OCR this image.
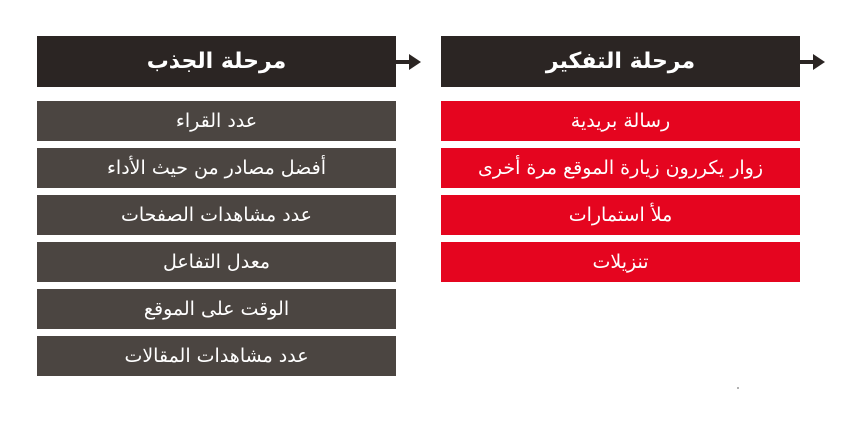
مرحلة الجذب
عدد القراء
أفضل مصادر من حيث الأداء
عدد مشاهدات الصفحات
معدل التفاعل
الوقت على الموقع
عدد مشاهدات المقالات
مرحلة التفكير
رسالة بريدية
زوار يكررون زيارة الموقع مرة أخرى
ملأ استمارات
تنزيلات
